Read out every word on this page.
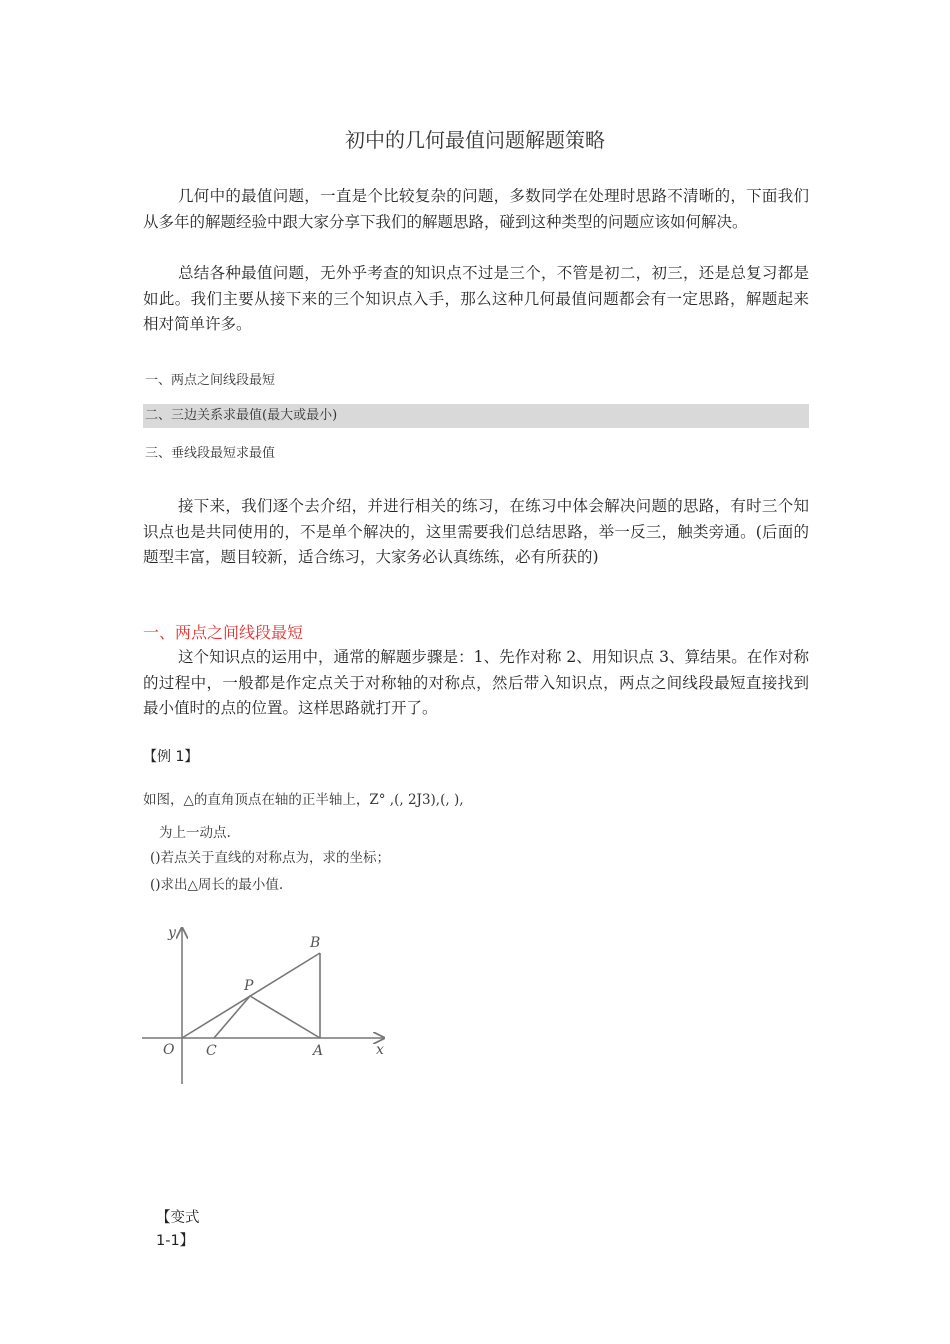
初中的几何最值问题解题策略

几何中的最值问题，一直是个比较复杂的问题，多数同学在处理时思路不清晰的，下面我们从多年的解题经验中跟大家分享下我们的解题思路，碰到这种类型的问题应该如何解决。

总结各种最值问题，无外乎考查的知识点不过是三个，不管是初二，初三，还是总复习都是如此。我们主要从接下来的三个知识点入手，那么这种几何最值问题都会有一定思路，解题起来相对简单许多。

一、两点之间线段最短
二、三边关系求最值(最大或最小)
三、垂线段最短求最值

接下来，我们逐个去介绍，并进行相关的练习，在练习中体会解决问题的思路，有时三个知识点也是共同使用的，不是单个解决的，这里需要我们总结思路，举一反三，触类旁通。(后面的题型丰富，题目较新，适合练习，大家务必认真练练，必有所获的)

一、两点之间线段最短

这个知识点的运用中，通常的解题步骤是：1、先作对称 2、用知识点 3、算结果。在作对称的过程中，一般都是作定点关于对称轴的对称点，然后带入知识点，两点之间线段最短直接找到最小值时的点的位置。这样思路就打开了。

【例 1】
如图，△的直角顶点在轴的正半轴上，Z° ,(, 2J3),(, ),
为上一动点.
()若点关于直线的对称点为，求的坐标；
()求出△周长的最小值.
y
x
O C	A
B
P
【变式 1-1】
